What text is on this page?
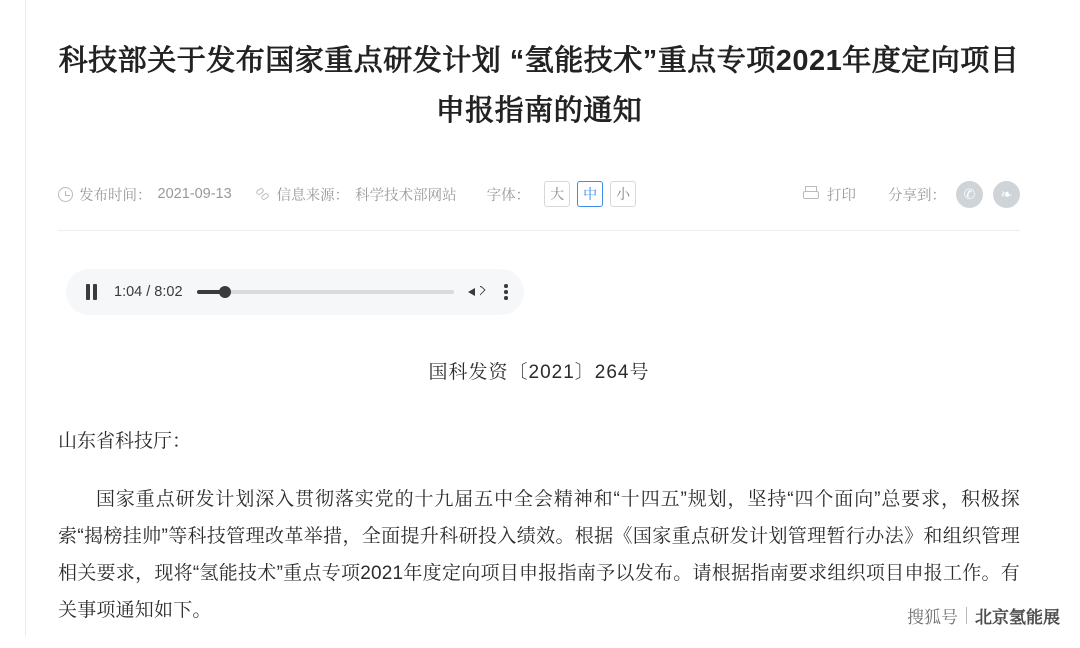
科技部关于发布国家重点研发计划 “氢能技术”重点专项2021年度定向项目申报指南的通知
发布时间： 2021-09-13	信息来源： 科学技术部网站 字体：	大	中	小	打印 分享到：	✆	❧
1:04 / 8:02
国科发资〔2021〕264号
山东省科技厅：

国家重点研发计划深入贯彻落实党的十九届五中全会精神和“十四五”规划，坚持“四个面向”总要求，积极探索“揭榜挂帅”等科技管理改革举措，全面提升科研投入绩效。根据《国家重点研发计划管理暂行办法》和组织管理相关要求，现将“氢能技术”重点专项2021年度定向项目申报指南予以发布。请根据指南要求组织项目申报工作。有关事项通知如下。	搜狐号 北京氢能展
